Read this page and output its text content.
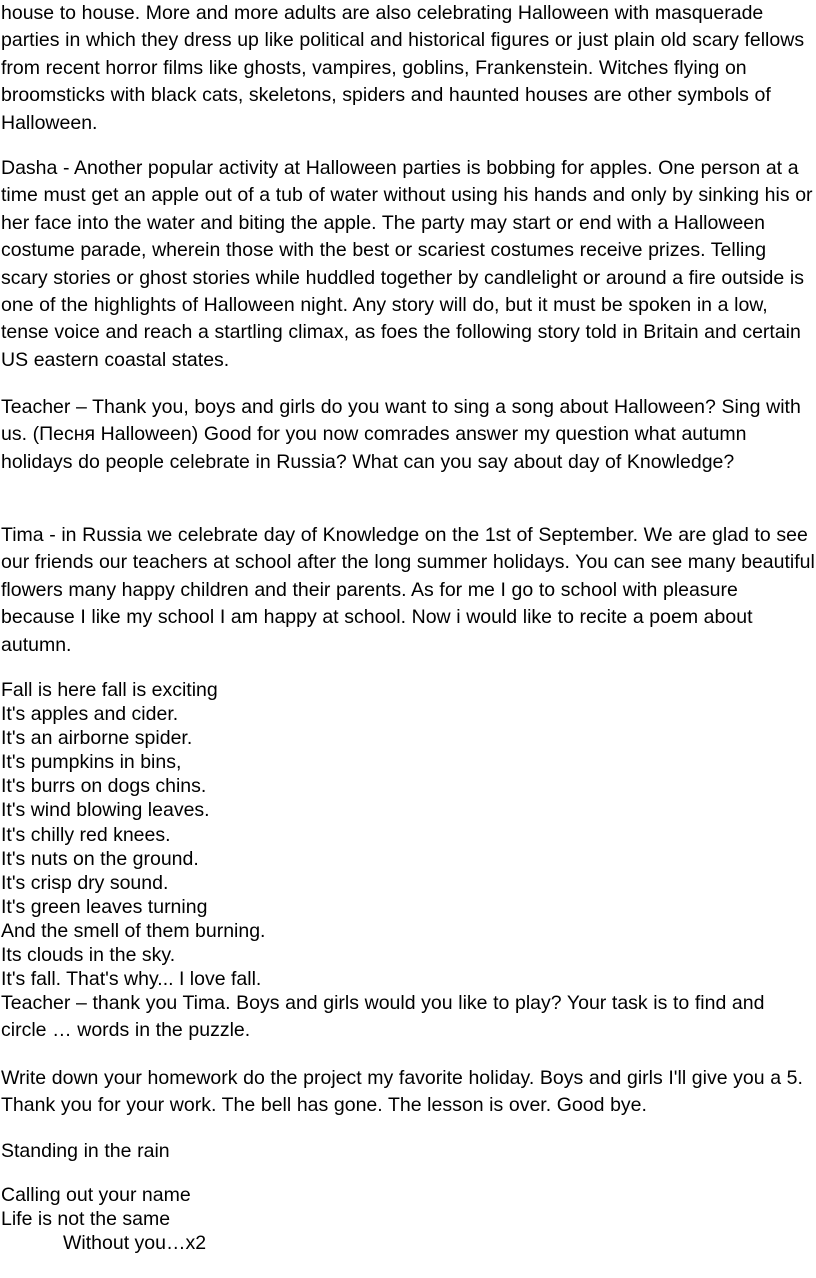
house to house. More and more adults are also celebrating Halloween with masquerade parties in which they dress up like political and historical figures or just plain old scary fellows from recent horror films like ghosts, vampires, goblins, Frankenstein. Witches flying on broomsticks with black cats, skeletons, spiders and haunted houses are other symbols of Halloween.

Dasha - Another popular activity at Halloween parties is bobbing for apples. One person at a time must get an apple out of a tub of water without using his hands and only by sinking his or her face into the water and biting the apple. The party may start or end with a Halloween costume parade, wherein those with the best or scariest costumes receive prizes. Telling scary stories or ghost stories while huddled together by candlelight or around a fire outside is one of the highlights of Halloween night. Any story will do, but it must be spoken in a low, tense voice and reach a startling climax, as foes the following story told in Britain and certain US eastern coastal states.

Teacher – Thank you, boys and girls do you want to sing a song about Halloween? Sing with us. (Песня Halloween) Good for you now comrades answer my question what autumn holidays do people celebrate in Russia? What can you say about day of Knowledge?

Tima - in Russia we celebrate day of Knowledge on the 1st of September. We are glad to see our friends our teachers at school after the long summer holidays. You can see many beautiful flowers many happy children and their parents. As for me I go to school with pleasure because I like my school I am happy at school. Now i would like to recite a poem about autumn.

Fall is here fall is exciting
It's apples and cider.
It's an airborne spider.
It's pumpkins in bins,
It's burrs on dogs chins.
It's wind blowing leaves.
It's chilly red knees.
It's nuts on the ground.
It's crisp dry sound.
It's green leaves turning
And the smell of them burning.
Its clouds in the sky.
It's fall. That's why... I love fall.

Teacher – thank you Tima. Boys and girls would you like to play? Your task is to find and circle … words in the puzzle.

Write down your homework do the project my favorite holiday. Boys and girls I'll give you a 5. Thank you for your work. The bell has gone. The lesson is over. Good bye.

Standing in the rain

Calling out your name
Life is not the same
Without you…x2
